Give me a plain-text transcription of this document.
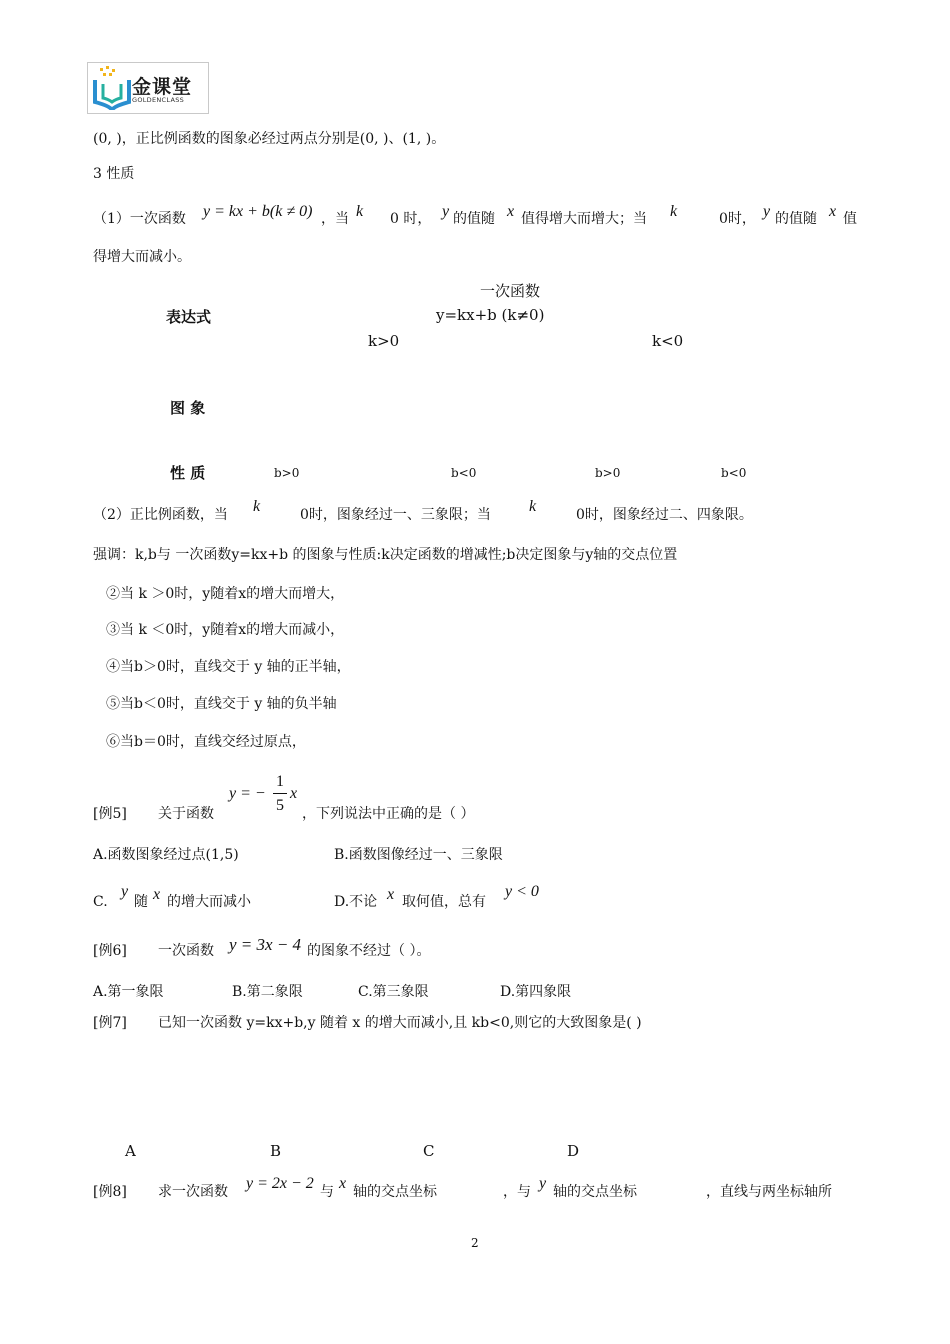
金课堂
GOLDENCLASS
(0, )，正比例函数的图象必经过两点分别是(0, )、(1, )。
3 性质
（1）一次函数 y = kx + b(k ≠ 0) ，当 k 0 时， y 的值随 x 值得增大而增大；当 k	0时， y 的值随 x 值
得增大而减小。
一次函数
表达式	y=kx+b (k≠0)
k>0	k<0
图 象
性 质	b>0	b<0	b>0	b<0
（2）正比例函数，当 k	0时，图象经过一、三象限；当 k	0时，图象经过二、四象限。
强调：k,b与 一次函数y=kx+b 的图象与性质:k决定函数的增减性;b决定图象与y轴的交点位置
②当 k ＞0时，y随着x的增大而增大，
③当 k ＜0时，y随着x的增大而减小，
④当b＞0时，直线交于 y 轴的正半轴，
⑤当b＜0时，直线交于 y 轴的负半轴
⑥当b＝0时，直线交经过原点，
[例5] 关于函数
y = −
1
5
x
，下列说法中正确的是（ ）
A.函数图象经过点(1,5)	B.函数图像经过一、三象限
C.
y
随 x 的增大而减小	D.不论 x 取何值，总有
y < 0
[例6] 一次函数 y = 3x − 4 的图象不经过（ ）。
A.第一象限	B.第二象限	C.第三象限	D.第四象限
[例7] 已知一次函数 y=kx+b,y 随着 x 的增大而减小,且 kb<0,则它的大致图象是( )
A	B	C	D
[例8] 求一次函数 y = 2x − 2 与 x 轴的交点坐标	，与 y 轴的交点坐标	，直线与两坐标轴所
2
